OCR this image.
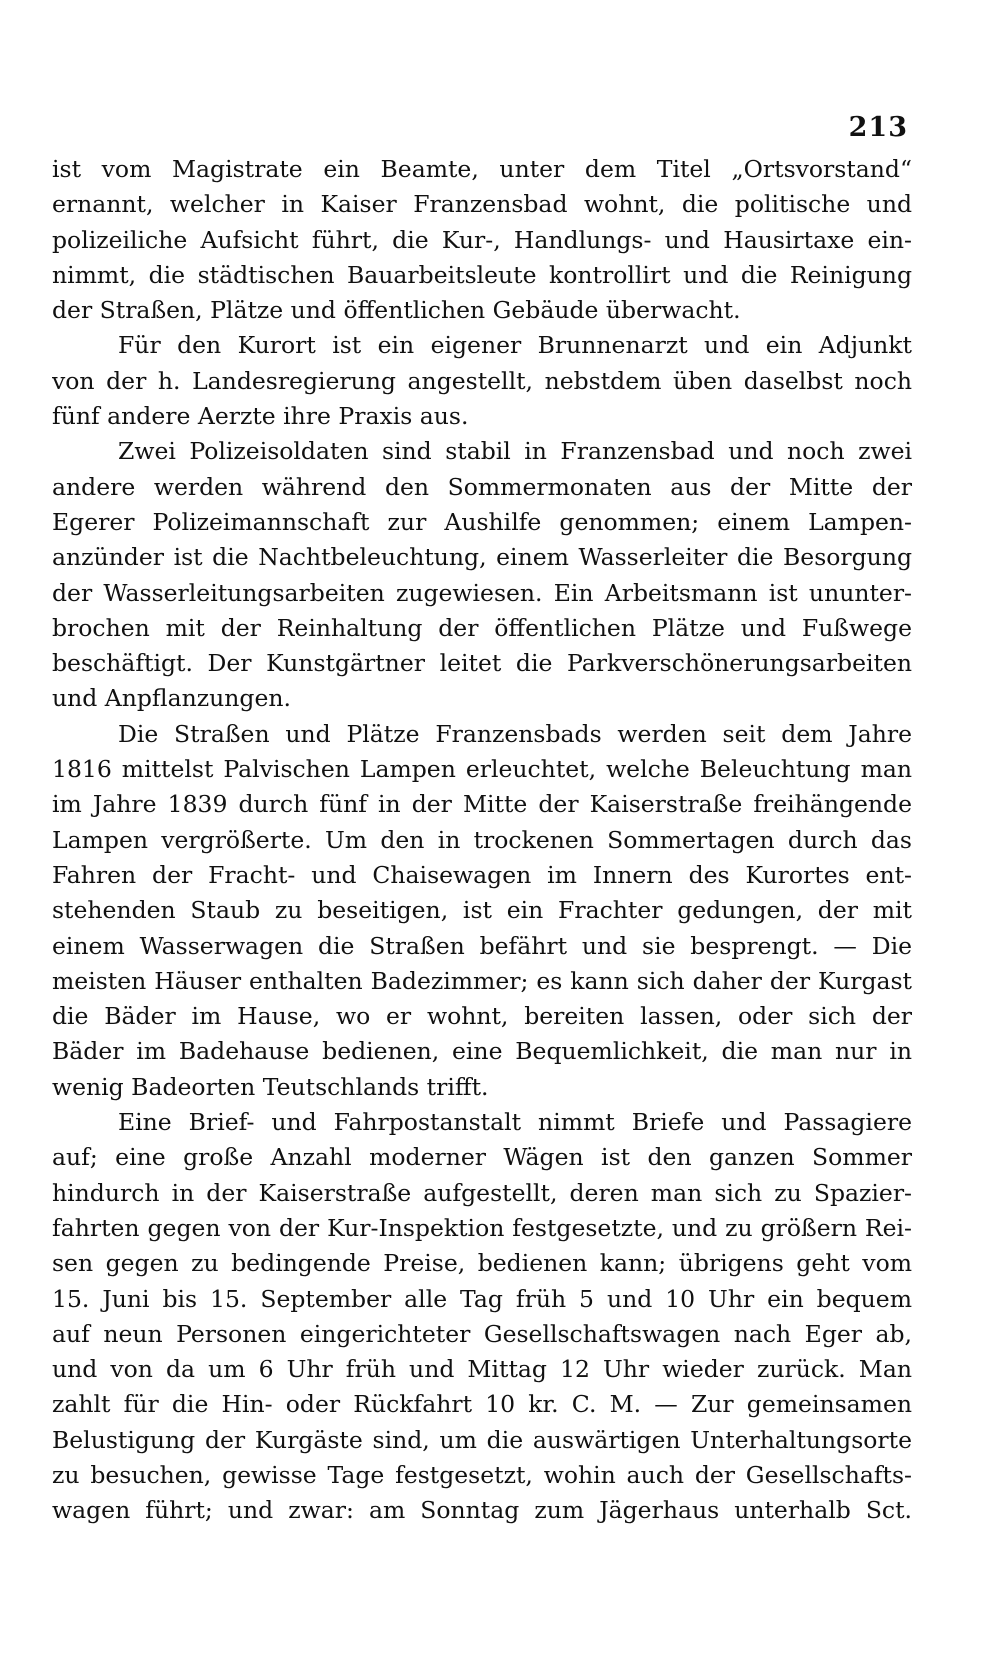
213
ist vom Magistrate ein Beamte, unter dem Titel „Ortsvorstand“
ernannt, welcher in Kaiser Franzensbad wohnt, die politische und
polizeiliche Aufsicht führt, die Kur-, Handlungs- und Hausirtaxe ein-
nimmt, die städtischen Bauarbeitsleute kontrollirt und die Reinigung
der Straßen, Plätze und öffentlichen Gebäude überwacht.
Für den Kurort ist ein eigener Brunnenarzt und ein Adjunkt
von der h. Landesregierung angestellt, nebstdem üben daselbst noch
fünf andere Aerzte ihre Praxis aus.
Zwei Polizeisoldaten sind stabil in Franzensbad und noch zwei
andere werden während den Sommermonaten aus der Mitte der
Egerer Polizeimannschaft zur Aushilfe genommen; einem Lampen-
anzünder ist die Nachtbeleuchtung, einem Wasserleiter die Besorgung
der Wasserleitungsarbeiten zugewiesen. Ein Arbeitsmann ist ununter-
brochen mit der Reinhaltung der öffentlichen Plätze und Fußwege
beschäftigt. Der Kunstgärtner leitet die Parkverschönerungsarbeiten
und Anpflanzungen.
Die Straßen und Plätze Franzensbads werden seit dem Jahre
1816 mittelst Palvischen Lampen erleuchtet, welche Beleuchtung man
im Jahre 1839 durch fünf in der Mitte der Kaiserstraße freihängende
Lampen vergrößerte. Um den in trockenen Sommertagen durch das
Fahren der Fracht- und Chaisewagen im Innern des Kurortes ent-
stehenden Staub zu beseitigen, ist ein Frachter gedungen, der mit
einem Wasserwagen die Straßen befährt und sie besprengt. — Die
meisten Häuser enthalten Badezimmer; es kann sich daher der Kurgast
die Bäder im Hause, wo er wohnt, bereiten lassen, oder sich der
Bäder im Badehause bedienen, eine Bequemlichkeit, die man nur in
wenig Badeorten Teutschlands trifft.
Eine Brief- und Fahrpostanstalt nimmt Briefe und Passagiere
auf; eine große Anzahl moderner Wägen ist den ganzen Sommer
hindurch in der Kaiserstraße aufgestellt, deren man sich zu Spazier-
fahrten gegen von der Kur-Inspektion festgesetzte, und zu größern Rei-
sen gegen zu bedingende Preise, bedienen kann; übrigens geht vom
15. Juni bis 15. September alle Tag früh 5 und 10 Uhr ein bequem
auf neun Personen eingerichteter Gesellschaftswagen nach Eger ab,
und von da um 6 Uhr früh und Mittag 12 Uhr wieder zurück. Man
zahlt für die Hin- oder Rückfahrt 10 kr. C. M. — Zur gemeinsamen
Belustigung der Kurgäste sind, um die auswärtigen Unterhaltungsorte
zu besuchen, gewisse Tage festgesetzt, wohin auch der Gesellschafts-
wagen führt; und zwar: am Sonntag zum Jägerhaus unterhalb Sct.
